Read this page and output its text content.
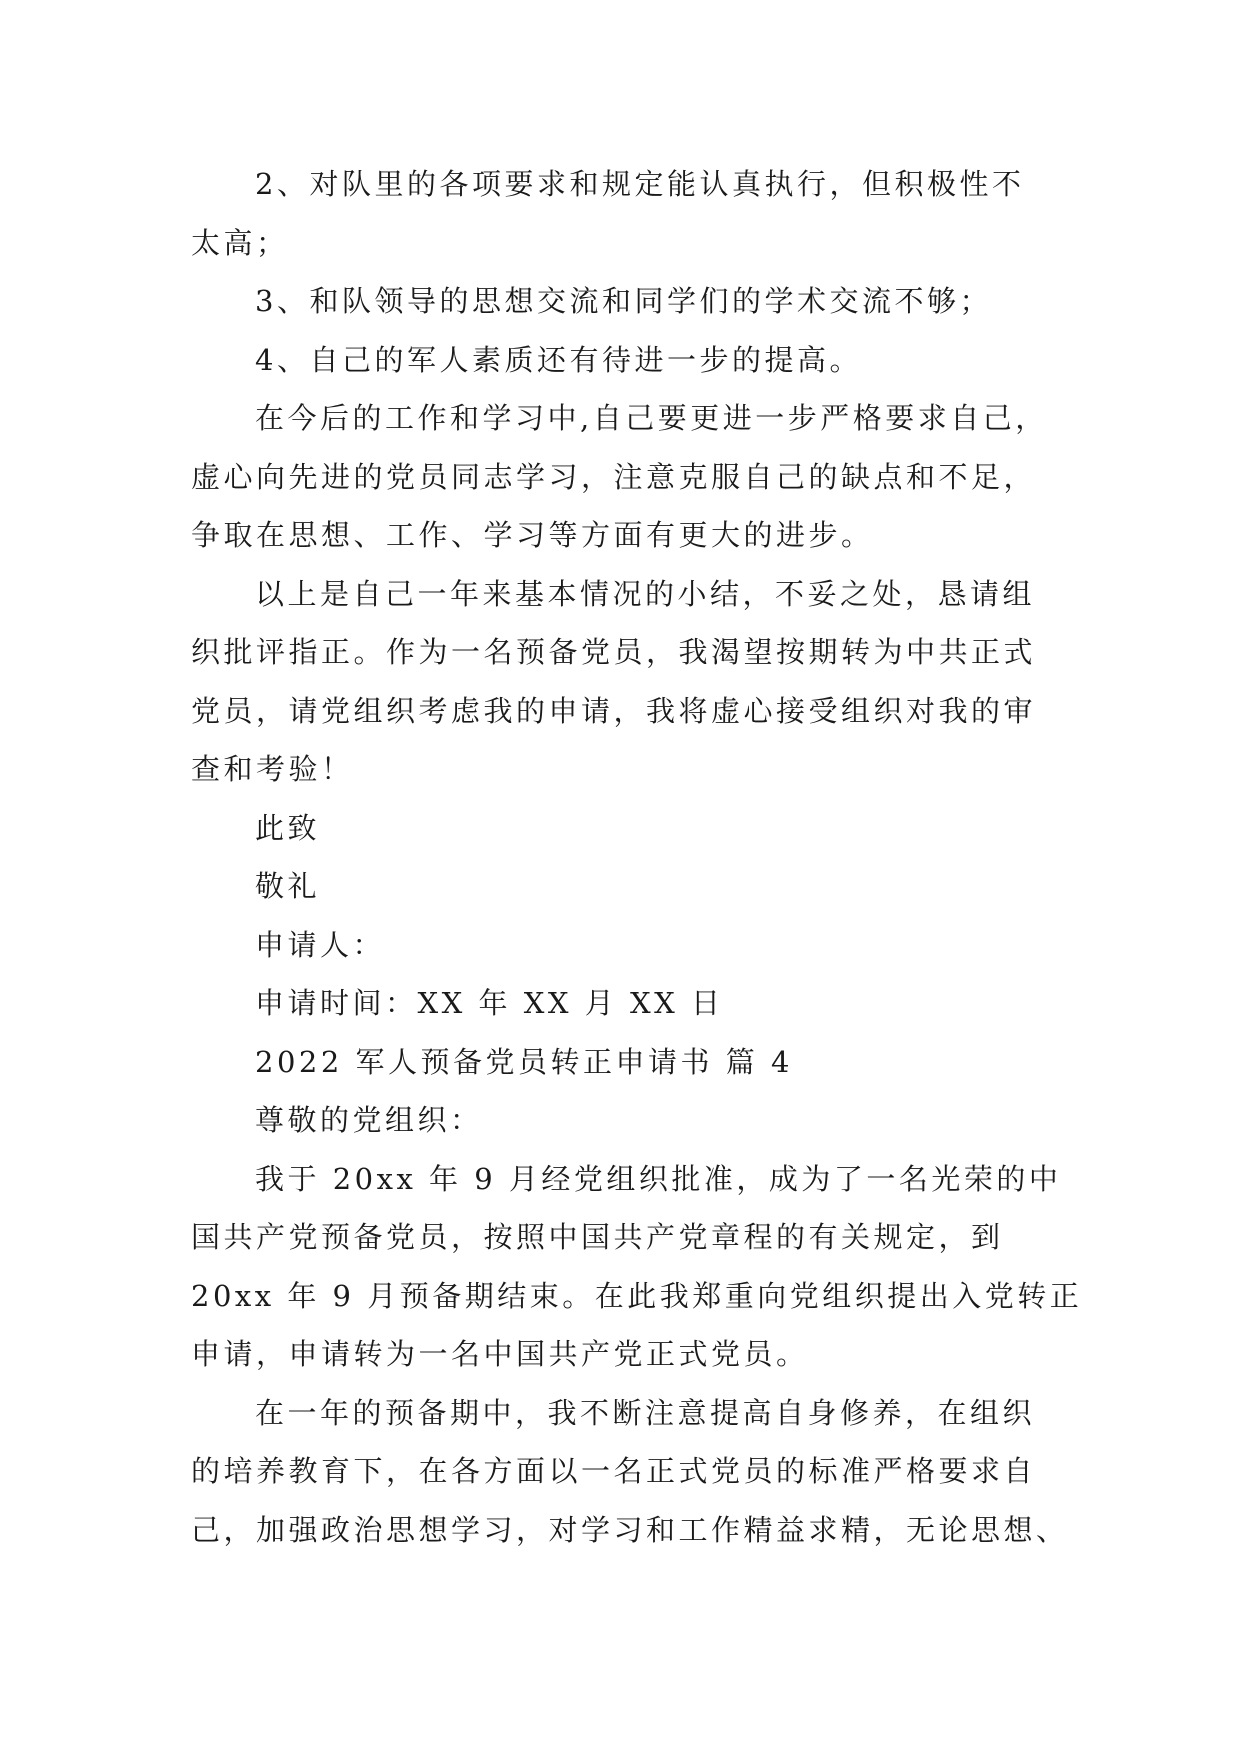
2、对队里的各项要求和规定能认真执行，但积极性不
太高；
3、和队领导的思想交流和同学们的学术交流不够；
4、自己的军人素质还有待进一步的提高。
在今后的工作和学习中,自己要更进一步严格要求自己，
虚心向先进的党员同志学习，注意克服自己的缺点和不足，
争取在思想、工作、学习等方面有更大的进步。
以上是自己一年来基本情况的小结，不妥之处，恳请组
织批评指正。作为一名预备党员，我渴望按期转为中共正式
党员，请党组织考虑我的申请，我将虚心接受组织对我的审
查和考验！
此致
敬礼
申请人：
申请时间：XX 年 XX 月 XX 日
2022 军人预备党员转正申请书 篇 4
尊敬的党组织：
我于 20xx 年 9 月经党组织批准，成为了一名光荣的中
国共产党预备党员，按照中国共产党章程的有关规定，到
20xx 年 9 月预备期结束。在此我郑重向党组织提出入党转正
申请，申请转为一名中国共产党正式党员。
在一年的预备期中，我不断注意提高自身修养，在组织
的培养教育下，在各方面以一名正式党员的标准严格要求自
己，加强政治思想学习，对学习和工作精益求精，无论思想、
